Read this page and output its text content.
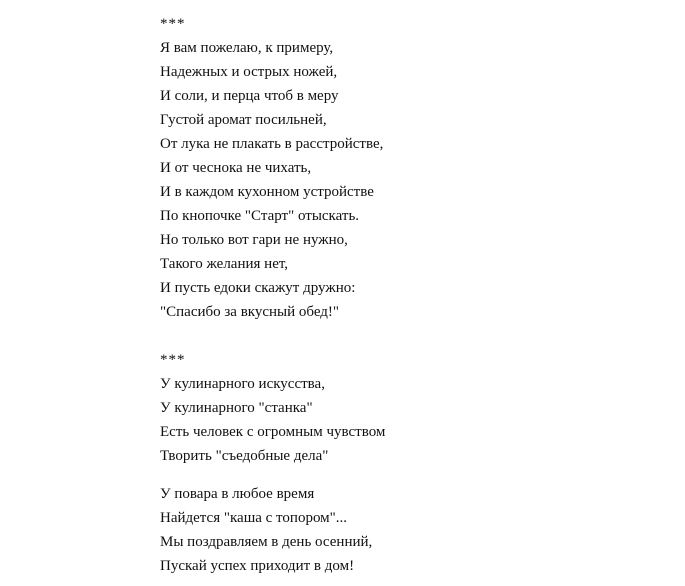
***
Я вам пожелаю, к примеру,
Надежных и острых ножей,
И соли, и перца чтоб в меру
Густой аромат посильней,
От лука не плакать в расстройстве,
И от чеснока не чихать,
И в каждом кухонном устройстве
По кнопочке "Старт" отыскать.
Но только вот гари не нужно,
Такого желания нет,
И пусть едоки скажут дружно:
"Спасибо за вкусный обед!"
***
У кулинарного искусства,
У кулинарного "станка"
Есть человек с огромным чувством
Творить "съедобные дела"
У повара в любое время
Найдется "каша с топором"...
Мы поздравляем в день осенний,
Пускай успех приходит в дом!
